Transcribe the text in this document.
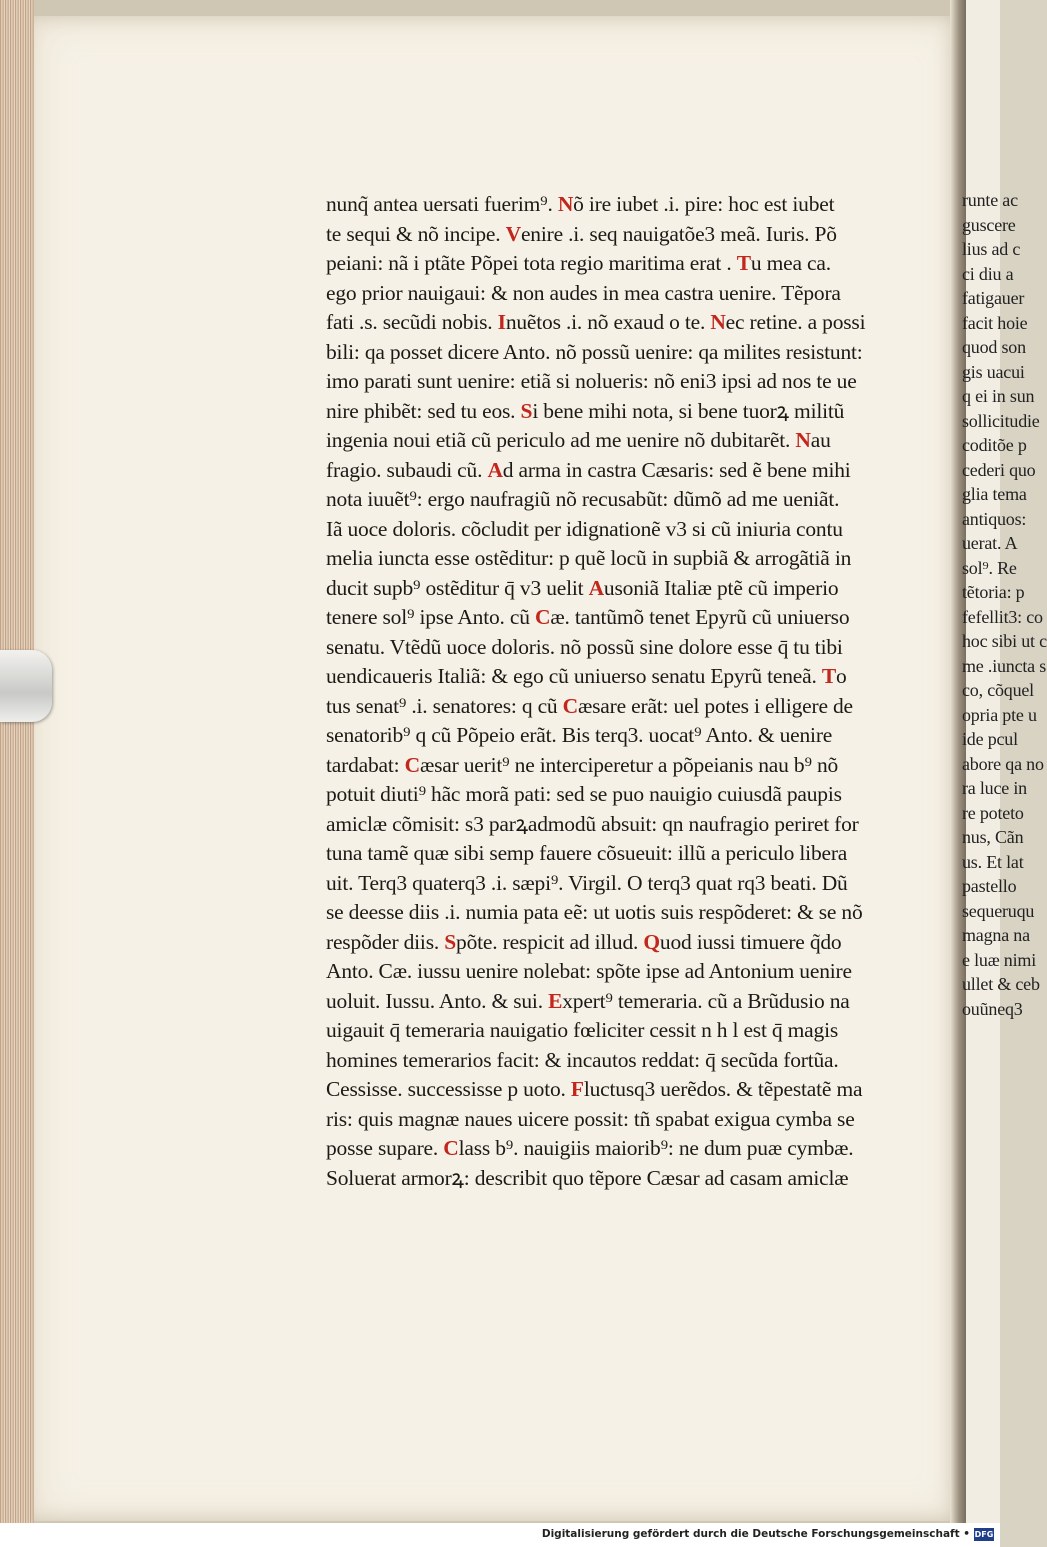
runte ac
guscere
lius ad c
ci diu a
fatigauer
facit hoie
quod son
gis uacui
q ei in sun
sollicitudie
coditõe p
cederi quo
glia tema
antiquos:
uerat. A
sol⁹. Re
tẽtoria: p
fefellit3: co
hoc sibi ut c
me .iuncta s
co, cõquel
opria pte u
ide pcul
abore qa no
ra luce in
re poteto
nus, Cãn
us. Et lat
pastello
sequeruqu
magna na
e luæ nimi
ullet & ceb
ouũneq3
nunq̃ antea uersati fuerim⁹. Nõ ire iubet .i. pire: hoc est iubet
te sequi & nõ incipe. Venire .i. seq nauigatõe3 meã. Iuris. Põ
peiani: nã i ptãte Põpei tota regio maritima erat . Tu mea ca.
ego prior nauigaui: & non audes in mea castra uenire. Tẽpora
fati .s. secũdi nobis. Inuẽtos .i. nõ exaud o te. Nec retine. a possi
bili: qa posset dicere Anto. nõ possũ uenire: qa milites resistunt:
imo parati sunt uenire: etiã si nolueris: nõ eni3 ipsi ad nos te ue
nire phibẽt: sed tu eos. Si bene mihi nota, si bene tuorꝝ militũ
ingenia noui etiã cũ periculo ad me uenire nõ dubitarẽt. Nau
fragio. subaudi cũ. Ad arma in castra Cæsaris: sed ẽ bene mihi
nota iuuẽt⁹: ergo naufragiũ nõ recusabũt: dũmõ ad me ueniãt.
Iã uoce doloris. cõcludit per idignationẽ v3 si cũ iniuria contu
melia iuncta esse ostẽditur: p quẽ locũ in supbiã & arrogãtiã in
ducit supb⁹ ostẽditur q̄ v3 uelit Ausoniã Italiæ ptẽ cũ imperio
tenere sol⁹ ipse Anto. cũ Cæ. tantũmõ tenet Epyrũ cũ uniuerso
senatu. Vtẽdũ uoce doloris. nõ possũ sine dolore esse q̄ tu tibi
uendicaueris Italiã: & ego cũ uniuerso senatu Epyrũ teneã. To
tus senat⁹ .i. senatores: q cũ Cæsare erãt: uel potes i elligere de
senatorib⁹ q cũ Põpeio erãt. Bis terq3. uocat⁹ Anto. & uenire
tardabat: Cæsar uerit⁹ ne interciperetur a põpeianis nau b⁹ nõ
potuit diuti⁹ hãc morã pati: sed se puo nauigio cuiusdã paupis
amiclæ cõmisit: s3 parꝝadmodũ absuit: qn naufragio periret for
tuna tamẽ quæ sibi semp fauere cõsueuit: illũ a periculo libera
uit. Terq3 quaterq3 .i. sæpi⁹. Virgil. O terq3 quat rq3 beati. Dũ
se deesse diis .i. numia pata eẽ: ut uotis suis respõderet: & se nõ
respõder diis. Spõte. respicit ad illud. Quod iussi timuere q̃do
Anto. Cæ. iussu uenire nolebat: spõte ipse ad Antonium uenire
uoluit. Iussu. Anto. & sui. Expert⁹ temeraria. cũ a Brũdusio na
uigauit q̄ temeraria nauigatio fœliciter cessit n h l est q̄ magis
homines temerarios facit: & incautos reddat: q̄ secũda fortũa.
Cessisse. successisse p uoto. Fluctusq3 uerẽdos. & tẽpestatẽ ma
ris: quis magnæ naues uicere possit: tñ spabat exigua cymba se
posse supare. Class b⁹. nauigiis maiorib⁹: ne dum puæ cymbæ.
Soluerat armorꝝ: describit quo tẽpore Cæsar ad casam amiclæ
Digitalisierung gefördert durch die Deutsche Forschungsgemeinschaft • DFG
